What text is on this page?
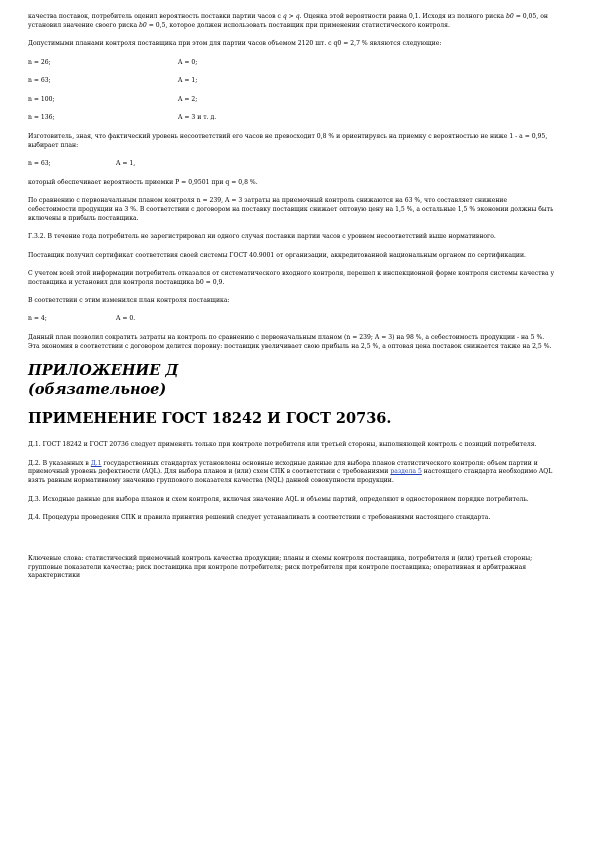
качества поставок, потребитель оценил вероятность поставки партии часов с q > q. Оценка этой вероятности равна 0,1. Исходя из полного риска b0 = 0,05, он установил значение своего риска b0 = 0,5, которое должен использовать поставщик при применении статистического контроля.

Допустимыми планами контроля поставщика при этом для партии часов объемом 2120 шт. с q0 = 2,7 % являются следующие:

n = 26;	A = 0;
n = 63;	A = 1;
n = 100;	A = 2;
n = 136;	A = 3 и т. д.

Изготовитель, зная, что фактический уровень несоответствий его часов не превосходит 0,8 % и ориентируясь на приемку с вероятностью не ниже 1 - a = 0,95, выбирает план:

n = 63;	A = 1,

который обеспечивает вероятность приемки P = 0,9501 при q = 0,8 %.

По сравнению с первоначальным планом контроля n = 239, A = 3 затраты на приемочный контроль снижаются на 63 %, что составляет снижение себестоимости продукции на 3 %. В соответствии с договором на поставку поставщик снижает оптовую цену на 1,5 %, а остальные 1,5 % экономии должны быть включены в прибыль поставщика.

Г.3.2. В течение года потребитель не зарегистрировал ни одного случая поставки партии часов с уровнем несоответствий выше нормативного.

Поставщик получил сертификат соответствия своей системы ГОСТ 40.9001 от организации, аккредитованной национальным органом по сертификации.

С учетом всей этой информации потребитель отказался от систематического входного контроля, перешел к инспекционной форме контроля системы качества у поставщика и установил для контроля поставщика b0 = 0,9.

В соответствии с этим изменился план контроля поставщика:

n = 4;	A = 0.

Данный план позволил сократить затраты на контроль по сравнению с первоначальным планом (n = 239; A = 3) на 98 %, а себестоимость продукции - на 5 %. Эта экономия в соответствии с договором делится поровну: поставщик увеличивает свою прибыль на 2,5 %, а оптовая цена поставок снижается также на 2,5 %.

ПРИЛОЖЕНИЕ Д
(обязательное)
ПРИМЕНЕНИЕ ГОСТ 18242 И ГОСТ 20736.

Д.1. ГОСТ 18242 и ГОСТ 20736 следует применять только при контроле потребителя или третьей стороны, выполняющей контроль с позиций потребителя.

Д.2. В указанных в Д.1 государственных стандартах установлены основные исходные данные для выбора планов статистического контроля: объем партии и приемочный уровень дефектности (AQL). Для выбора планов и (или) схем СПК в соответствии с требованиями раздела 5 настоящего стандарта необходимо AQL взять равным нормативному значению группового показателя качества (NQL) данной совокупности продукции.

Д.3. Исходные данные для выбора планов и схем контроля, включая значение AQL и объемы партий, определяют в односторонием порядке потребитель.

Д.4. Процедуры проведения СПК и правила принятия решений следует устанавливать в соответствии с требованиями настоящего стандарта.

Ключевые слова: статистический приемочный контроль качества продукции; планы и схемы контроля поставщика, потребителя и (или) третьей стороны; групповые показатели качества; риск поставщика при контроле потребителя; риск потребителя при контроле поставщика; оперативная и арбитражная характеристики
